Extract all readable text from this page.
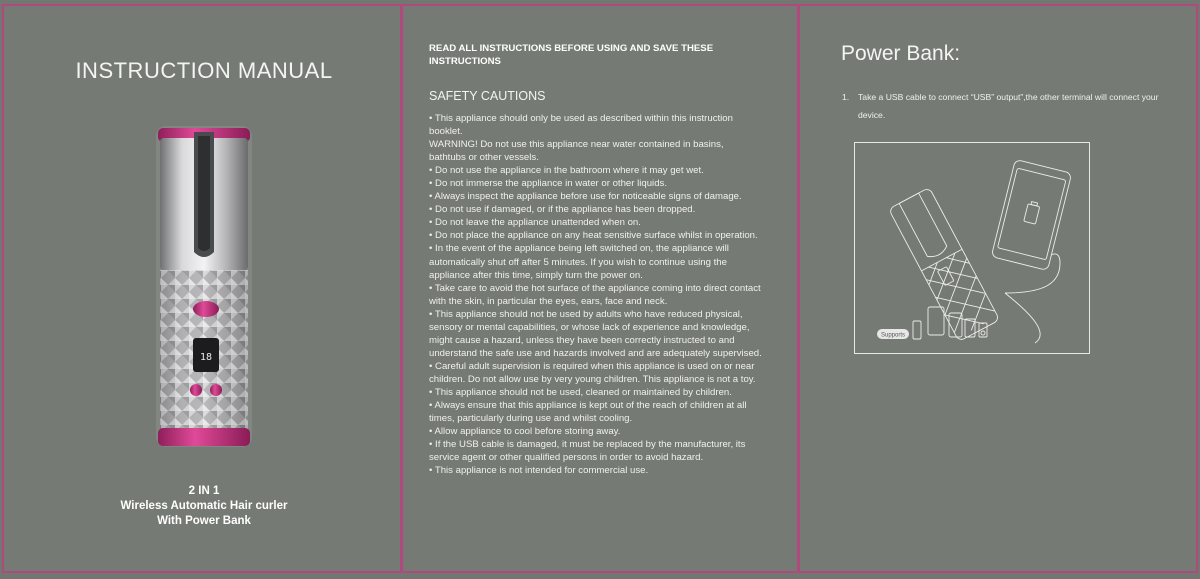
INSTRUCTION MANUAL
18
2 IN 1
Wireless Automatic Hair curler
With Power Bank
READ ALL INSTRUCTIONS BEFORE USING AND SAVE THESE INSTRUCTIONS
SAFETY CAUTIONS
• This appliance should only be used as described within this instruction
booklet.
WARNING! Do not use this appliance near water contained in basins,
bathtubs or other vessels.
• Do not use the appliance in the bathroom where it may get wet.
• Do not immerse the appliance in water or other liquids.
• Always inspect the appliance before use for noticeable signs of damage.
• Do not use if damaged, or if the appliance has been dropped.
• Do not leave the appliance unattended when on.
• Do not place the appliance on any heat sensitive surface whilst in operation.
• In the event of the appliance being left switched on, the appliance will
automatically shut off after 5 minutes. If you wish to continue using the
appliance after this time, simply turn the power on.
• Take care to avoid the hot surface of the appliance coming into direct contact
with the skin, in particular the eyes, ears, face and neck.
• This appliance should not be used by adults who have reduced physical,
sensory or mental capabilities, or whose lack of experience and knowledge,
might cause a hazard, unless they have been correctly instructed to and
understand the safe use and hazards involved and are adequately supervised.
• Careful adult supervision is required when this appliance is used on or near
children. Do not allow use by very young children. This appliance is not a toy.
• This appliance should not be used, cleaned or maintained by children.
• Always ensure that this appliance is kept out of the reach of children at all
times, particularly during use and whilst cooling.
• Allow appliance to cool before storing away.
• If the USB cable is damaged, it must be replaced by the manufacturer, its
service agent or other qualified persons in order to avoid hazard.
• This appliance is not intended for commercial use.
Power Bank:
1. Take a USB cable to connect “USB” output”,the other terminal will connect your device.
Supports
